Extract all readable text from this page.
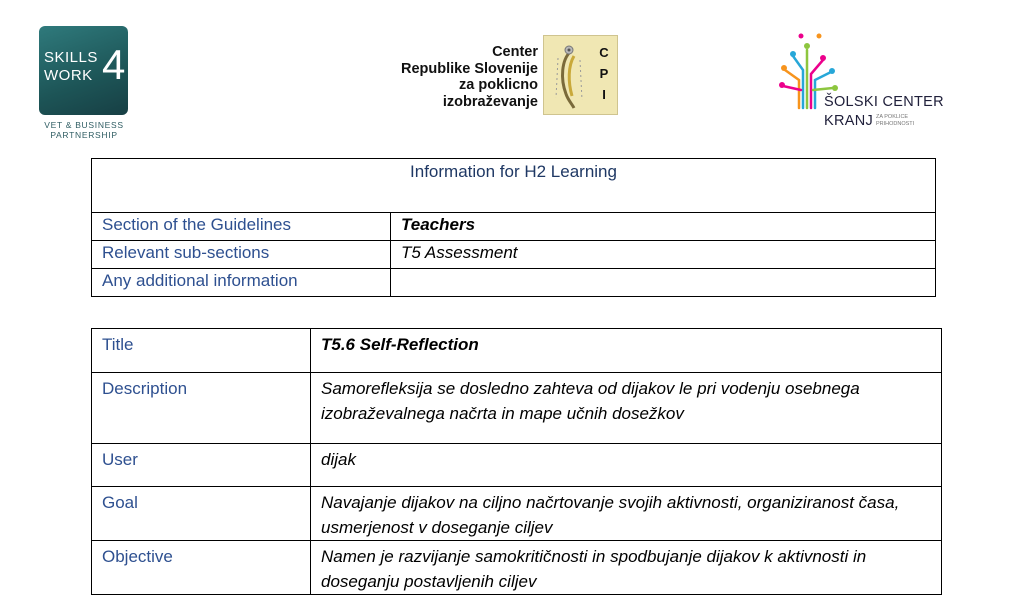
SKILLS
WORK 4
VET & BUSINESS
PARTNERSHIP
Center
Republike Slovenije
za poklicno
izobraževanje
C
P
I	ŠOLSKI CENTER
KRANJ ZA POKLICE
PRIHODNOSTI
Information for H2 Learning	
Section of the Guidelines	Teachers
Relevant sub-sections	T5 Assessment
Any additional information	
Title	T5.6 Self-Reflection
Description	Samorefleksija se dosledno zahteva od dijakov le pri vodenju osebnega izobraževalnega načrta in mape učnih dosežkov
User	dijak
Goal	Navajanje dijakov na ciljno načrtovanje svojih aktivnosti, organiziranost časa, usmerjenost v doseganje ciljev
Objective	Namen je razvijanje samokritičnosti in spodbujanje dijakov k aktivnosti in doseganju postavljenih ciljev
